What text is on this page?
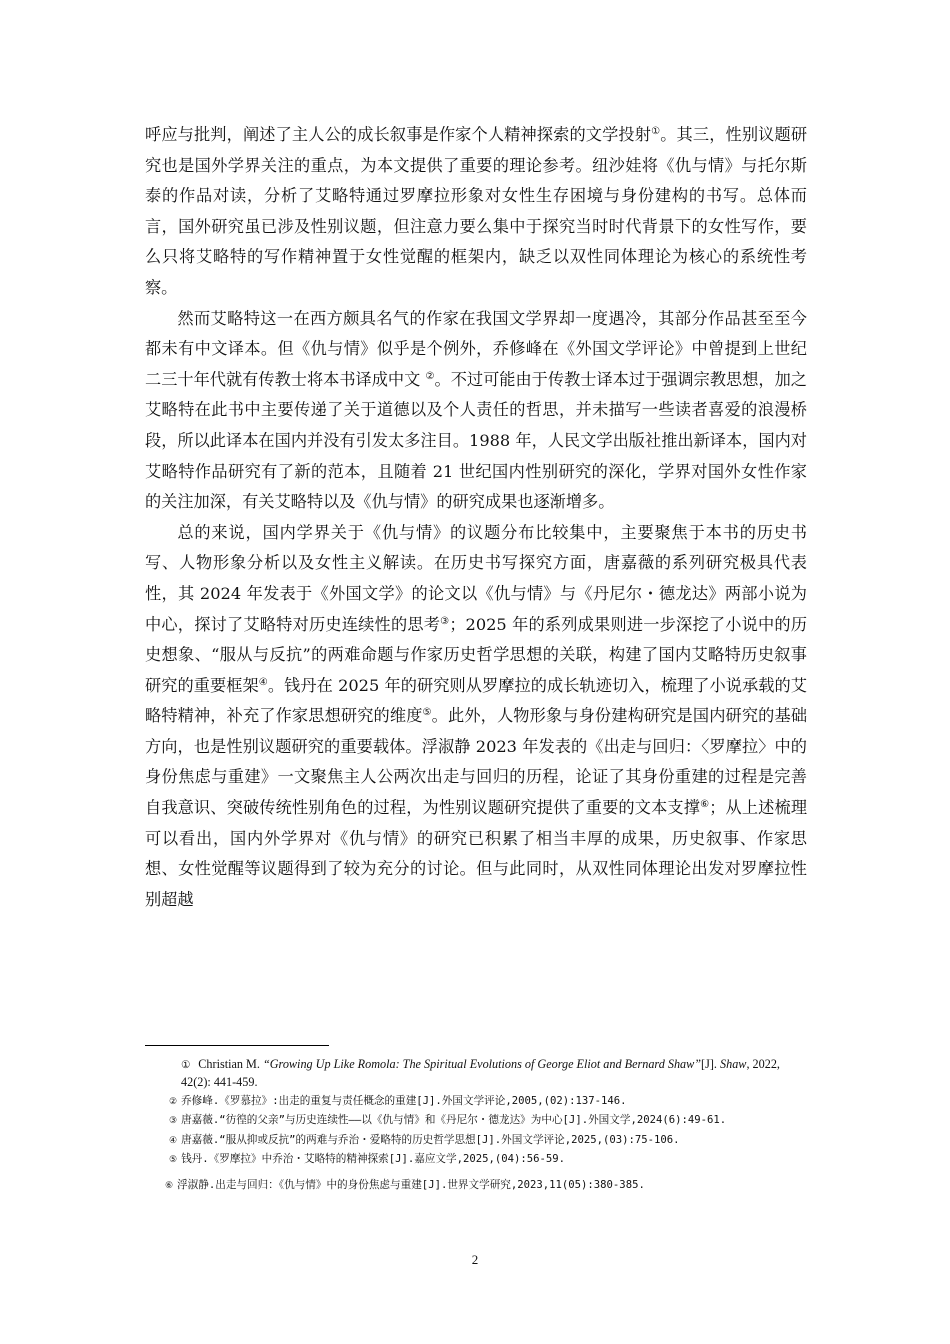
呼应与批判，阐述了主人公的成长叙事是作家个人精神探索的文学投射①。其三，性别议题研究也是国外学界关注的重点，为本文提供了重要的理论参考。纽沙娃将《仇与情》与托尔斯泰的作品对读，分析了艾略特通过罗摩拉形象对女性生存困境与身份建构的书写。总体而言，国外研究虽已涉及性别议题，但注意力要么集中于探究当时时代背景下的女性写作，要么只将艾略特的写作精神置于女性觉醒的框架内，缺乏以双性同体理论为核心的系统性考察。

然而艾略特这一在西方颇具名气的作家在我国文学界却一度遇冷，其部分作品甚至至今都未有中文译本。但《仇与情》似乎是个例外，乔修峰在《外国文学评论》中曾提到上世纪二三十年代就有传教士将本书译成中文 ②。不过可能由于传教士译本过于强调宗教思想，加之艾略特在此书中主要传递了关于道德以及个人责任的哲思，并未描写一些读者喜爱的浪漫桥段，所以此译本在国内并没有引发太多注目。1988 年，人民文学出版社推出新译本，国内对艾略特作品研究有了新的范本，且随着 21 世纪国内性别研究的深化，学界对国外女性作家的关注加深，有关艾略特以及《仇与情》的研究成果也逐渐增多。

总的来说，国内学界关于《仇与情》的议题分布比较集中，主要聚焦于本书的历史书写、人物形象分析以及女性主义解读。在历史书写探究方面，唐嘉薇的系列研究极具代表性，其 2024 年发表于《外国文学》的论文以《仇与情》与《丹尼尔・德龙达》两部小说为中心，探讨了艾略特对历史连续性的思考③；2025 年的系列成果则进一步深挖了小说中的历史想象、“服从与反抗”的两难命题与作家历史哲学思想的关联，构建了国内艾略特历史叙事研究的重要框架④。钱丹在 2025 年的研究则从罗摩拉的成长轨迹切入，梳理了小说承载的艾略特精神，补充了作家思想研究的维度⑤。此外，人物形象与身份建构研究是国内研究的基础方向，也是性别议题研究的重要载体。浮淑静 2023 年发表的《出走与回归：〈罗摩拉〉中的身份焦虑与重建》一文聚焦主人公两次出走与回归的历程，论证了其身份重建的过程是完善自我意识、突破传统性别角色的过程，为性别议题研究提供了重要的文本支撑⑥；从上述梳理可以看出，国内外学界对《仇与情》的研究已积累了相当丰厚的成果，历史叙事、作家思想、女性觉醒等议题得到了较为充分的讨论。但与此同时，从双性同体理论出发对罗摩拉性别超越

① Christian M. “Growing Up Like Romola: The Spiritual Evolutions of George Eliot and Bernard Shaw”[J]. Shaw, 2022, 42(2): 441-459.
② 乔修峰.《罗慕拉》:出走的重复与责任概念的重建[J].外国文学评论,2005,(02):137-146.
③ 唐嘉薇.“彷徨的父亲”与历史连续性——以《仇与情》和《丹尼尔・德龙达》为中心[J].外国文学,2024(6):49-61.
④ 唐嘉薇.“服从抑或反抗”的两难与乔治・爱略特的历史哲学思想[J].外国文学评论,2025,(03):75-106.
⑤ 钱丹.《罗摩拉》中乔治・艾略特的精神探索[J].嘉应文学,2025,(04):56-59.
⑥ 浮淑静.出走与回归：《仇与情》中的身份焦虑与重建[J].世界文学研究,2023,11(05):380-385.
2
